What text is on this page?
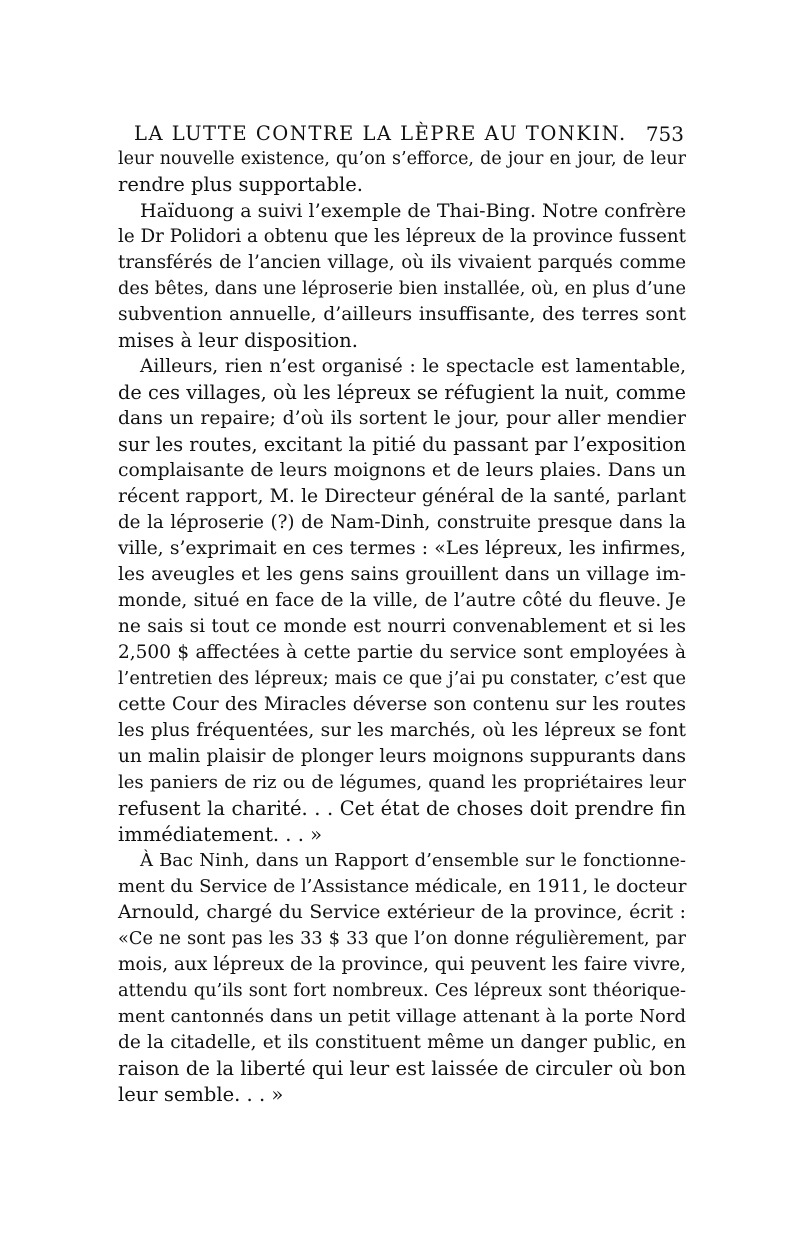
LA LUTTE CONTRE LA LÈPRE AU TONKIN. 753
leur nouvelle existence, qu’on s’efforce, de jour en jour, de leur
rendre plus supportable.
Haïduong a suivi l’exemple de Thai-Bing. Notre confrère
le Dr Polidori a obtenu que les lépreux de la province fussent
transférés de l’ancien village, où ils vivaient parqués comme
des bêtes, dans une léproserie bien installée, où, en plus d’une
subvention annuelle, d’ailleurs insuffisante, des terres sont
mises à leur disposition.
Ailleurs, rien n’est organisé : le spectacle est lamentable,
de ces villages, où les lépreux se réfugient la nuit, comme
dans un repaire; d’où ils sortent le jour, pour aller mendier
sur les routes, excitant la pitié du passant par l’exposition
complaisante de leurs moignons et de leurs plaies. Dans un
récent rapport, M. le Directeur général de la santé, parlant
de la léproserie (?) de Nam-Dinh, construite presque dans la
ville, s’exprimait en ces termes : «Les lépreux, les infirmes,
les aveugles et les gens sains grouillent dans un village im-
monde, situé en face de la ville, de l’autre côté du fleuve. Je
ne sais si tout ce monde est nourri convenablement et si les
2,500 $ affectées à cette partie du service sont employées à
l’entretien des lépreux; mais ce que j’ai pu constater, c’est que
cette Cour des Miracles déverse son contenu sur les routes
les plus fréquentées, sur les marchés, où les lépreux se font
un malin plaisir de plonger leurs moignons suppurants dans
les paniers de riz ou de légumes, quand les propriétaires leur
refusent la charité. . . Cet état de choses doit prendre fin
immédiatement. . . »
À Bac Ninh, dans un Rapport d’ensemble sur le fonctionne-
ment du Service de l’Assistance médicale, en 1911, le docteur
Arnould, chargé du Service extérieur de la province, écrit :
«Ce ne sont pas les 33 $ 33 que l’on donne régulièrement, par
mois, aux lépreux de la province, qui peuvent les faire vivre,
attendu qu’ils sont fort nombreux. Ces lépreux sont théorique-
ment cantonnés dans un petit village attenant à la porte Nord
de la citadelle, et ils constituent même un danger public, en
raison de la liberté qui leur est laissée de circuler où bon
leur semble. . . »
